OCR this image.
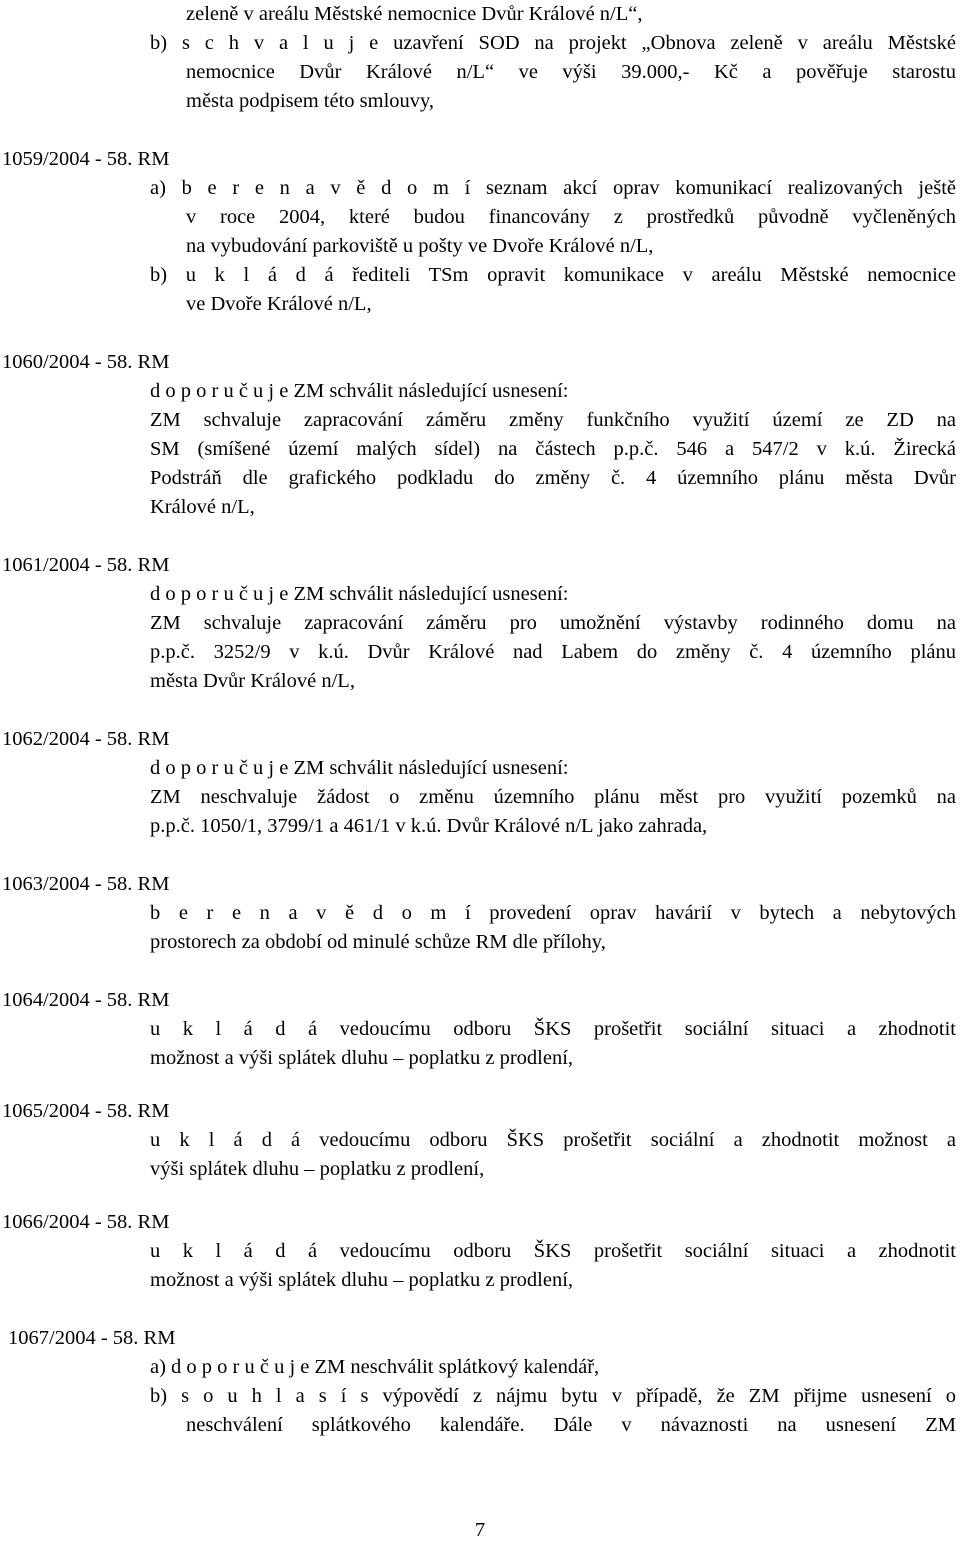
zeleně v areálu Městské nemocnice Dvůr Králové n/L“,

b) s c h v a l u j e uzavření SOD na projekt „Obnova zeleně v areálu Městské

nemocnice Dvůr Králové n/L“ ve výši 39.000,- Kč a pověřuje starostu

města podpisem této smlouvy,

1059/2004 - 58. RM

a) b e r e n a v ě d o m í seznam akcí oprav komunikací realizovaných ještě

v roce 2004, které budou financovány z prostředků původně vyčleněných

na vybudování parkoviště u pošty ve Dvoře Králové n/L,

b) u k l á d á řediteli TSm opravit komunikace v areálu Městské nemocnice

ve Dvoře Králové n/L,

1060/2004 - 58. RM

d o p o r u č u j e ZM schválit následující usnesení:

ZM schvaluje zapracování záměru změny funkčního využití území ze ZD na

SM (smíšené území malých sídel) na částech p.p.č. 546 a 547/2 v k.ú. Žirecká

Podstráň dle grafického podkladu do změny č. 4 územního plánu města Dvůr

Králové n/L,

1061/2004 - 58. RM

d o p o r u č u j e ZM schválit následující usnesení:

ZM schvaluje zapracování záměru pro umožnění výstavby rodinného domu na

p.p.č. 3252/9 v k.ú. Dvůr Králové nad Labem do změny č. 4 územního plánu

města Dvůr Králové n/L,

1062/2004 - 58. RM

d o p o r u č u j e ZM schválit následující usnesení:

ZM neschvaluje žádost o změnu územního plánu měst pro využití pozemků na

p.p.č. 1050/1, 3799/1 a 461/1 v k.ú. Dvůr Králové n/L jako zahrada,

1063/2004 - 58. RM

b e r e n a v ě d o m í provedení oprav havárií v bytech a nebytových

prostorech za období od minulé schůze RM dle přílohy,

1064/2004 - 58. RM

u k l á d á vedoucímu odboru ŠKS prošetřit sociální situaci a zhodnotit

možnost a výši splátek dluhu – poplatku z prodlení,

1065/2004 - 58. RM

u k l á d á vedoucímu odboru ŠKS prošetřit sociální a zhodnotit možnost a

výši splátek dluhu – poplatku z prodlení,

1066/2004 - 58. RM

u k l á d á vedoucímu odboru ŠKS prošetřit sociální situaci a zhodnotit

možnost a výši splátek dluhu – poplatku z prodlení,

1067/2004 - 58. RM

a) d o p o r u č u j e ZM neschválit splátkový kalendář,

b) s o u h l a s í s výpovědí z nájmu bytu v případě, že ZM přijme usnesení o

neschválení splátkového kalendáře. Dále v návaznosti na usnesení ZM

7
